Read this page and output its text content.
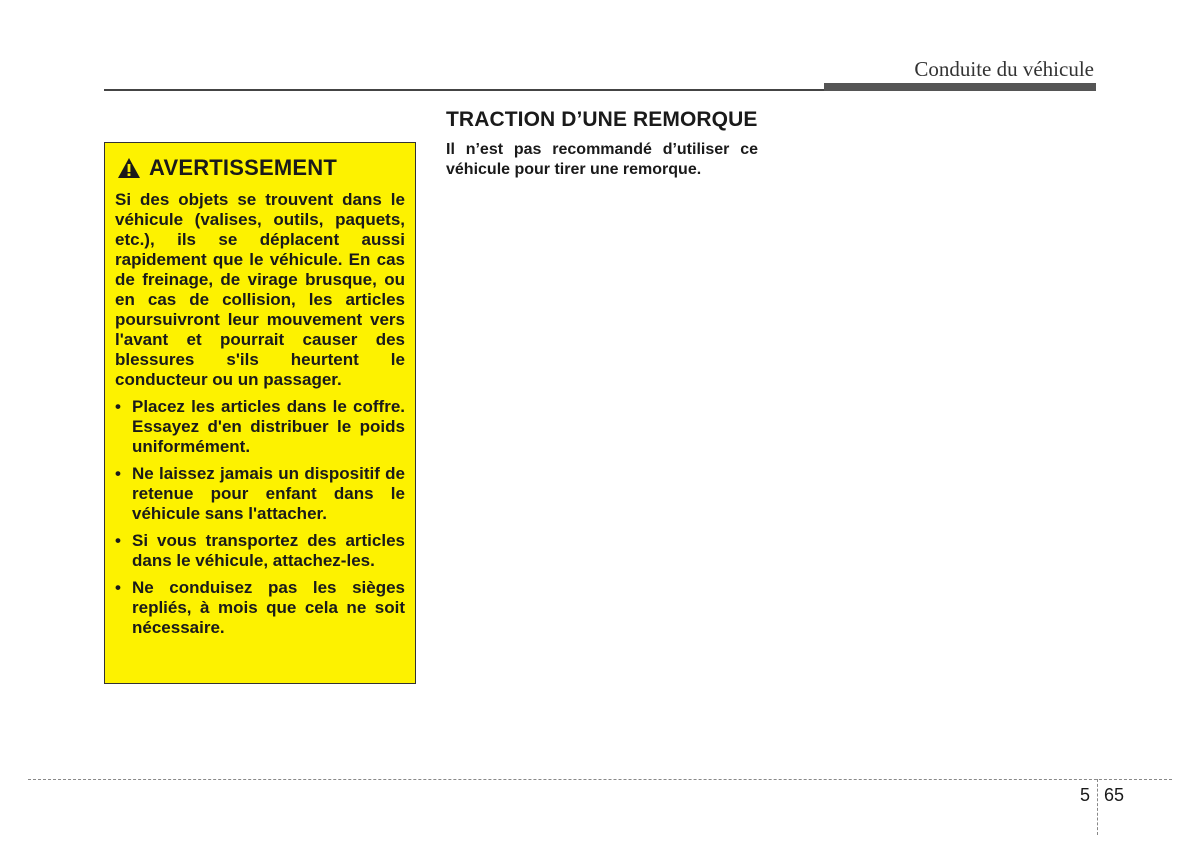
Conduite du véhicule
AVERTISSEMENT

Si des objets se trouvent dans le véhicule (valises, outils, paquets, etc.), ils se déplacent aussi rapidement que le véhicule. En cas de freinage, de virage brusque, ou en cas de collision, les articles poursuivront leur mouvement vers l'avant et pourrait causer des blessures s'ils heurtent le conducteur ou un passager.

• Placez les articles dans le coffre. Essayez d'en distribuer le poids uniformément.
• Ne laissez jamais un dispositif de retenue pour enfant dans le véhicule sans l'attacher.
• Si vous transportez des articles dans le véhicule, attachez-les.
• Ne conduisez pas les sièges repliés, à mois que cela ne soit nécessaire.
TRACTION D’UNE REMORQUE
Il n’est pas recommandé d’utiliser ce véhicule pour tirer une remorque.
5 65
